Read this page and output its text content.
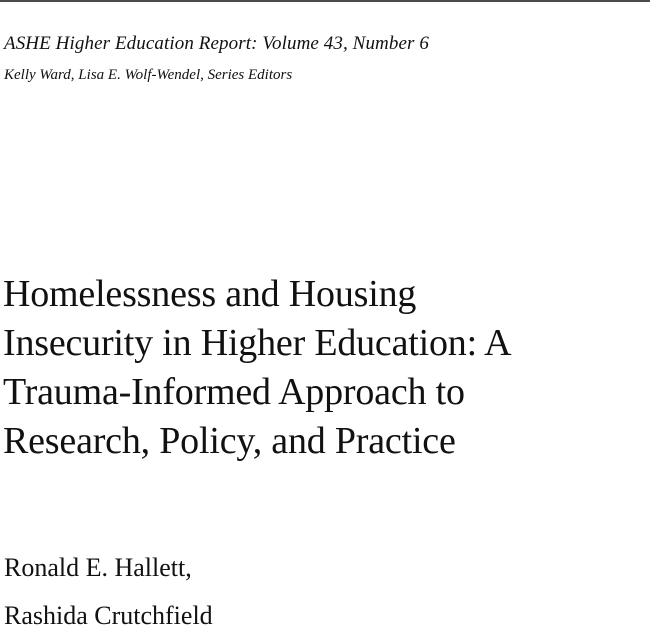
ASHE Higher Education Report: Volume 43, Number 6
Kelly Ward, Lisa E. Wolf-Wendel, Series Editors
Homelessness and Housing
Insecurity in Higher Education: A
Trauma-Informed Approach to
Research, Policy, and Practice
Ronald E. Hallett,
Rashida Crutchfield
